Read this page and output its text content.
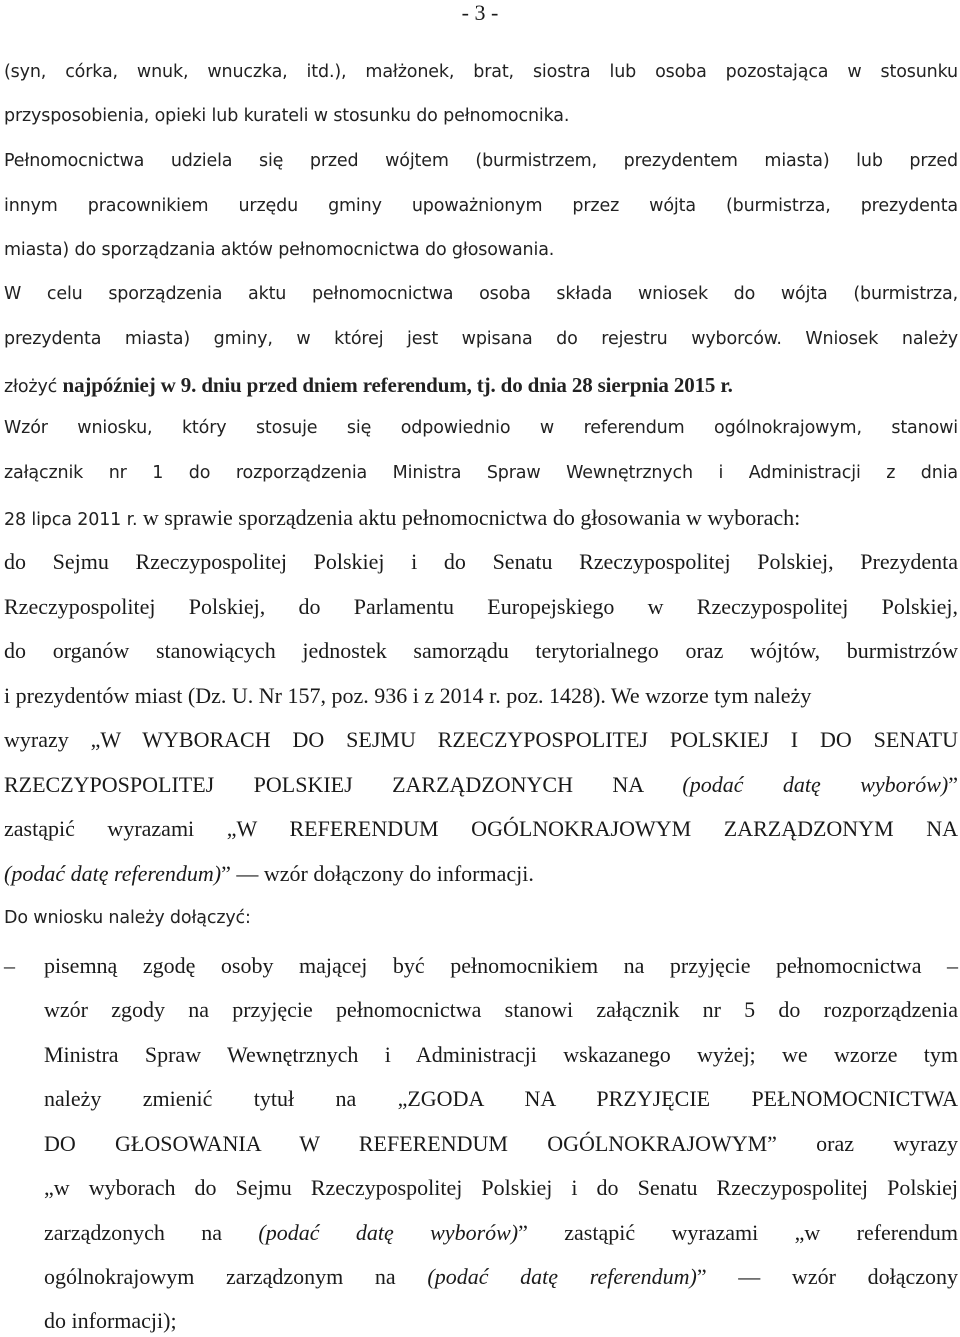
- 3 -
(syn, córka, wnuk, wnuczka, itd.), małżonek, brat, siostra lub osoba pozostająca w stosunku
przysposobienia, opieki lub kurateli w stosunku do pełnomocnika.
Pełnomocnictwa udziela się przed wójtem (burmistrzem, prezydentem miasta) lub przed
innym pracownikiem urzędu gminy upoważnionym przez wójta (burmistrza, prezydenta
miasta) do sporządzania aktów pełnomocnictwa do głosowania.
W celu sporządzenia aktu pełnomocnictwa osoba składa wniosek do wójta (burmistrza,
prezydenta miasta) gminy, w której jest wpisana do rejestru wyborców. Wniosek należy
złożyć najpóźniej w 9. dniu przed dniem referendum, tj. do dnia 28 sierpnia 2015 r.
Wzór wniosku, który stosuje się odpowiednio w referendum ogólnokrajowym, stanowi
załącznik nr 1 do rozporządzenia Ministra Spraw Wewnętrznych i Administracji z dnia
28 lipca 2011 r. w sprawie sporządzenia aktu pełnomocnictwa do głosowania w wyborach:
do Sejmu Rzeczypospolitej Polskiej i do Senatu Rzeczypospolitej Polskiej, Prezydenta
Rzeczypospolitej Polskiej, do Parlamentu Europejskiego w Rzeczypospolitej Polskiej,
do organów stanowiących jednostek samorządu terytorialnego oraz wójtów, burmistrzów
i prezydentów miast (Dz. U. Nr 157, poz. 936 i z 2014 r. poz. 1428). We wzorze tym należy
wyrazy „W WYBORACH DO SEJMU RZECZYPOSPOLITEJ POLSKIEJ I DO SENATU
RZECZYPOSPOLITEJ POLSKIEJ ZARZĄDZONYCH NA (podać datę wyborów)”
zastąpić wyrazami „W REFERENDUM OGÓLNOKRAJOWYM ZARZĄDZONYM NA
(podać datę referendum)” — wzór dołączony do informacji.
Do wniosku należy dołączyć:
–	pisemną zgodę osoby mającej być pełnomocnikiem na przyjęcie pełnomocnictwa –
wzór zgody na przyjęcie pełnomocnictwa stanowi załącznik nr 5 do rozporządzenia
Ministra Spraw Wewnętrznych i Administracji wskazanego wyżej; we wzorze tym
należy zmienić tytuł na „ZGODA NA PRZYJĘCIE PEŁNOMOCNICTWA
DO GŁOSOWANIA W REFERENDUM OGÓLNOKRAJOWYM” oraz wyrazy
„w wyborach do Sejmu Rzeczypospolitej Polskiej i do Senatu Rzeczypospolitej Polskiej
zarządzonych na (podać datę wyborów)” zastąpić wyrazami „w referendum
ogólnokrajowym zarządzonym na (podać datę referendum)” — wzór dołączony
do informacji);
